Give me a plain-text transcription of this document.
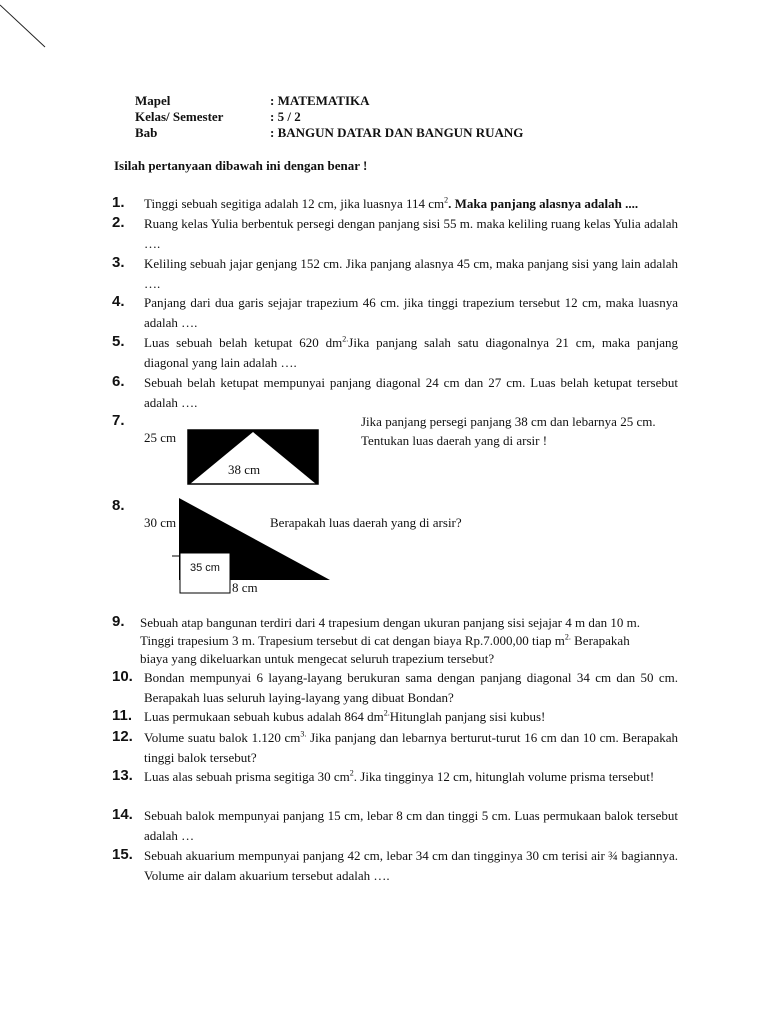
Mapel	: MATEMATIKA
Kelas/ Semester	: 5 / 2
Bab	: BANGUN DATAR DAN BANGUN RUANG
Isilah pertanyaan dibawah ini dengan benar !
1. Tinggi sebuah segitiga adalah 12 cm, jika luasnya 114 $cm^2$. Maka panjang alasnya adalah ....
2. Ruang kelas Yulia berbentuk persegi dengan panjang sisi 55 m. maka keliling ruang kelas Yulia adalah ….
3. Keliling sebuah jajar genjang 152 cm. Jika panjang alasnya 45 cm, maka panjang sisi yang lain adalah ….
4. Panjang dari dua garis sejajar trapezium 46 cm. jika tinggi trapezium tersebut 12 cm, maka luasnya adalah ….
5. Luas sebuah belah ketupat 620 $dm^{2.}Jika$ panjang salah satu diagonalnya 21 cm, maka panjang diagonal yang lain adalah ….
6. Sebuah belah ketupat mempunyai panjang diagonal 24 cm dan 27 cm. Luas belah ketupat tersebut adalah ….
7.
25 cm
38 cm
Jika panjang persegi panjang 38 cm dan lebarnya 25 cm. Tentukan luas daerah yang di arsir !
8.
30 cm
35 cm
8 cm
Berapakah luas daerah yang di arsir?
9. Sebuah atap bangunan terdiri dari 4 trapesium dengan ukuran panjang sisi sejajar 4 m dan 10 m. Tinggi trapesium 3 m. Trapesium tersebut di cat dengan biaya Rp.7.000,00 tiap $m^{2.}$ Berapakah biaya yang dikeluarkan untuk mengecat seluruh trapezium tersebut?
10. Bondan mempunyai 6 layang-layang berukuran sama dengan panjang diagonal 34 cm dan 50 cm. Berapakah luas seluruh laying-layang yang dibuat Bondan?
11. Luas permukaan sebuah kubus adalah 864 $dm^{2.}Hitunglah$ panjang sisi kubus!
12. Volume suatu balok 1.120 $cm^{3.}$ Jika panjang dan lebarnya berturut-turut 16 cm dan 10 cm. Berapakah tinggi balok tersebut?
13. Luas alas sebuah prisma segitiga 30 $cm^2$. Jika tingginya 12 cm, hitunglah volume prisma tersebut!
14. Sebuah balok mempunyai panjang 15 cm, lebar 8 cm dan tinggi 5 cm. Luas permukaan balok tersebut adalah …
15. Sebuah akuarium mempunyai panjang 42 cm, lebar 34 cm dan tingginya 30 cm terisi air ¾ bagiannya. Volume air dalam akuarium tersebut adalah ….
